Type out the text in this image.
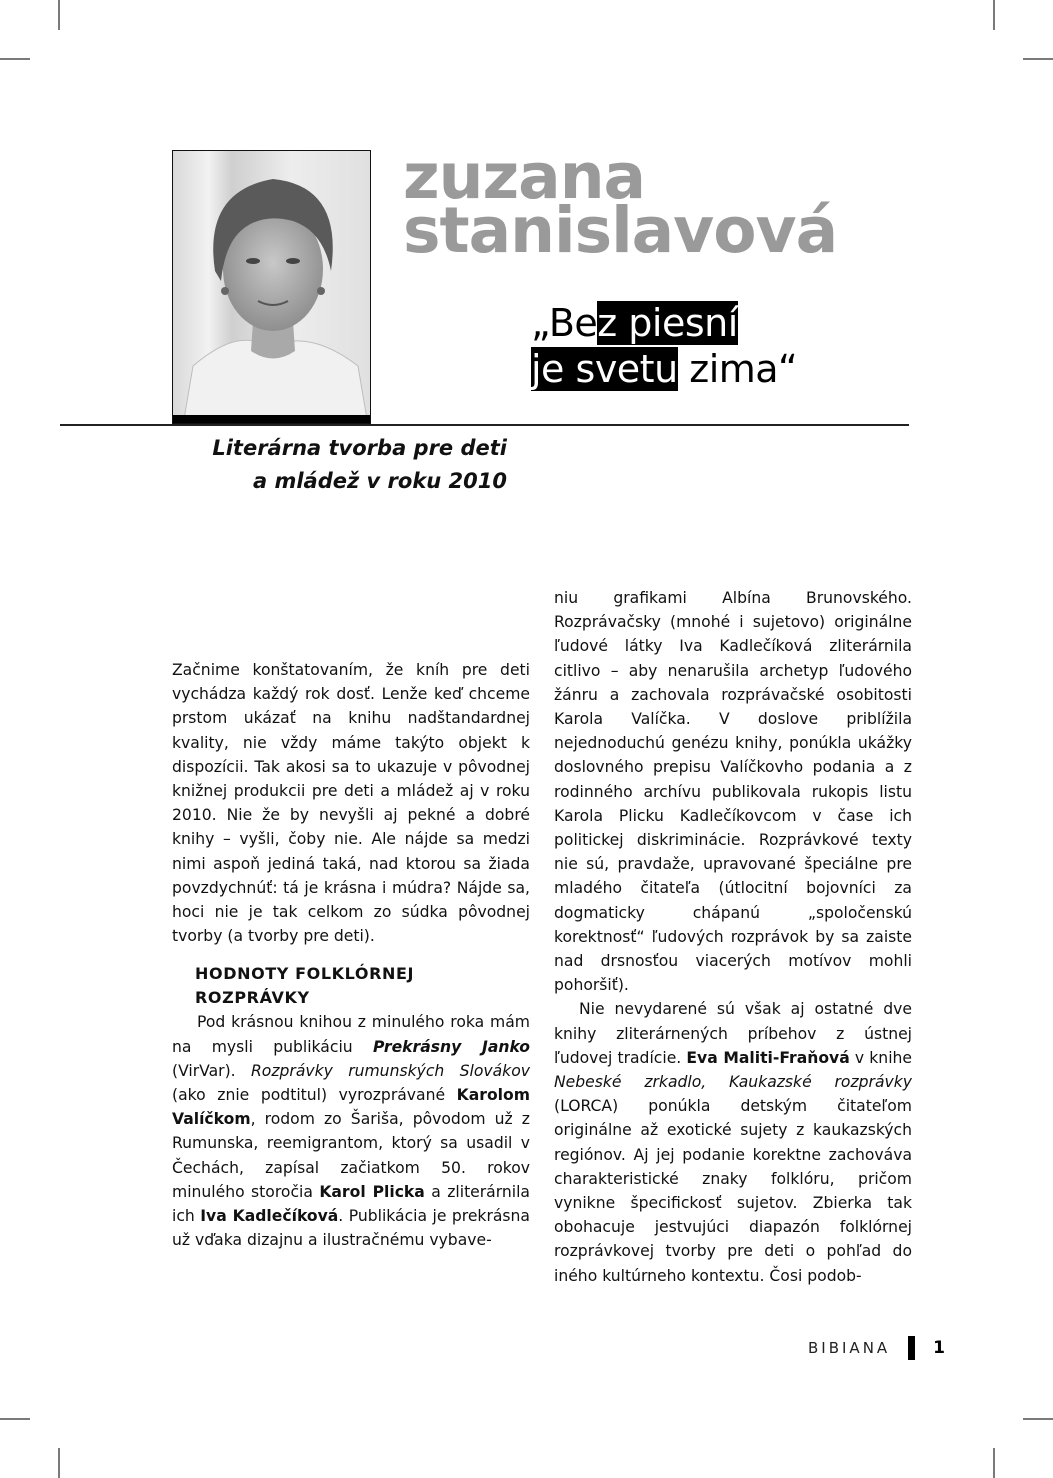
zuzana
stanislavová
„Bez piesní
je svetu zima“
Literárna tvorba pre deti
a mládež v roku 2010

Začnime konštatovaním, že kníh pre deti vychádza každý rok dosť. Lenže keď chceme prstom ukázať na knihu nadštandardnej kvality, nie vždy máme takýto objekt k dispozícii. Tak akosi sa to ukazuje v pôvodnej knižnej produkcii pre deti a mládež aj v roku 2010. Nie že by nevyšli aj pekné a dobré knihy – vyšli, čoby nie. Ale nájde sa medzi nimi aspoň jediná taká, nad ktorou sa žiada povzdychnúť: tá je krásna i múdra? Nájde sa, hoci nie je tak celkom zo súdka pôvodnej tvorby (a tvorby pre deti).

HODNOTY FOLKLÓRNEJ
ROZPRÁVKY

Pod krásnou knihou z minulého roka mám na mysli publikáciu Prekrásny Janko (VirVar). Rozprávky rumunských Slovákov (ako znie podtitul) vyrozprávané Karolom Valíčkom, rodom zo Šariša, pôvodom už z Rumunska, reemigrantom, ktorý sa usadil v Čechách, zapísal začiatkom 50. rokov minulého storočia Karol Plicka a zliterárnila ich Iva Kadlečíková. Publikácia je prekrásna už vďaka dizajnu a ilustračnému vybave-

niu grafikami Albína Brunovského. Rozprávačsky (mnohé i sujetovo) originálne ľudové látky Iva Kadlečíková zliterárnila citlivo – aby nenarušila archetyp ľudového žánru a zachovala rozprávačské osobitosti Karola Valíčka. V doslove priblížila nejednoduchú genézu knihy, ponúkla ukážky doslovného prepisu Valíčkovho podania a z rodinného archívu publikovala rukopis listu Karola Plicku Kadlečíkovcom v čase ich politickej diskriminácie. Rozprávkové texty nie sú, pravdaže, upravované špeciálne pre mladého čitateľa (útlocitní bojovníci za dogmaticky chápanú „spoločenskú korektnosť“ ľudových rozprávok by sa zaiste nad drsnosťou viacerých motívov mohli pohoršiť).

Nie nevydarené sú však aj ostatné dve knihy zliterárnených príbehov z ústnej ľudovej tradície. Eva Maliti-Fraňová v knihe Nebeské zrkadlo, Kaukazské rozprávky (LORCA) ponúkla detským čitateľom originálne až exotické sujety z kaukazských regiónov. Aj jej podanie korektne zachováva charakteristické znaky folklóru, pričom vynikne špecifickosť sujetov. Zbierka tak obohacuje jestvujúci diapazón folklórnej rozprávkovej tvorby pre deti o pohľad do iného kultúrneho kontextu. Čosi podob-

BIBIANA	1
